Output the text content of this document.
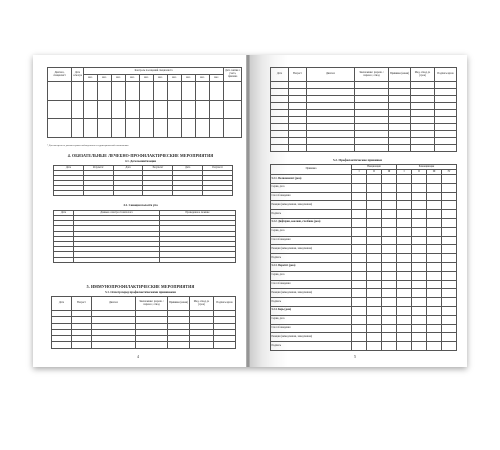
Диагноз, специалист	Дата осмотра	Контроль посещений специалиста										Дата снятия с учета, причина
		мес.	мес.	мес.	мес.	мес.	мес.	мес.	мес.	мес.	мес.	

* Для контроля за диспансерным наблюдением в территориальной поликлинике
4. ОБЯЗАТЕЛЬНЫЕ ЛЕЧЕБНО-ПРОФИЛАКТИЧЕСКИЕ МЕРОПРИЯТИЯ
4.1. Дегельминтизация
Дата	Результат	Дата	Результат	Дата	Результат

4.2. Санация полости рта
Дата	Данные осмотра стоматолога	Проведенное лечение

5. ИММУНОПРОФИЛАКТИЧЕСКИЕ МЕРОПРИЯТИЯ
5.1. Осмотр перед профилактическими прививками
Дата	Возраст	Диагноз	Заключение: разреш. / перенос, отвод	Прививка (какая)	Мед. отвод до (срок)	Подпись врача

4
Дата	Возраст	Диагноз	Заключение: разреш. / перенос, отвод	Прививка (какая)	Мед. отвод до (срок)	Подпись врача

5.2. Профилактические прививки
Прививка	Вакцинация			Ревакцинация			
	I	II	III	I	II	III	IV
5.2.1. Полиомиелит (доза)							
Серия, доза							
Способ введения							
Реакция (немедленная, замедленная)							
Подпись							
5.2.2. Дифтерия, коклюш, столбняк (доза)							
Серия, доза							
Способ введения							
Реакция (немедленная, замедленная)							
Подпись							
5.2.3. Паротит (доза)							
Серия, доза							
Способ введения							
Реакция (немедленная, замедленная)							
Подпись							
5.2.4. Корь (доза)							
Серия, доза							
Способ введения							
Реакция (немедленная, замедленная)							
Подпись							
5
